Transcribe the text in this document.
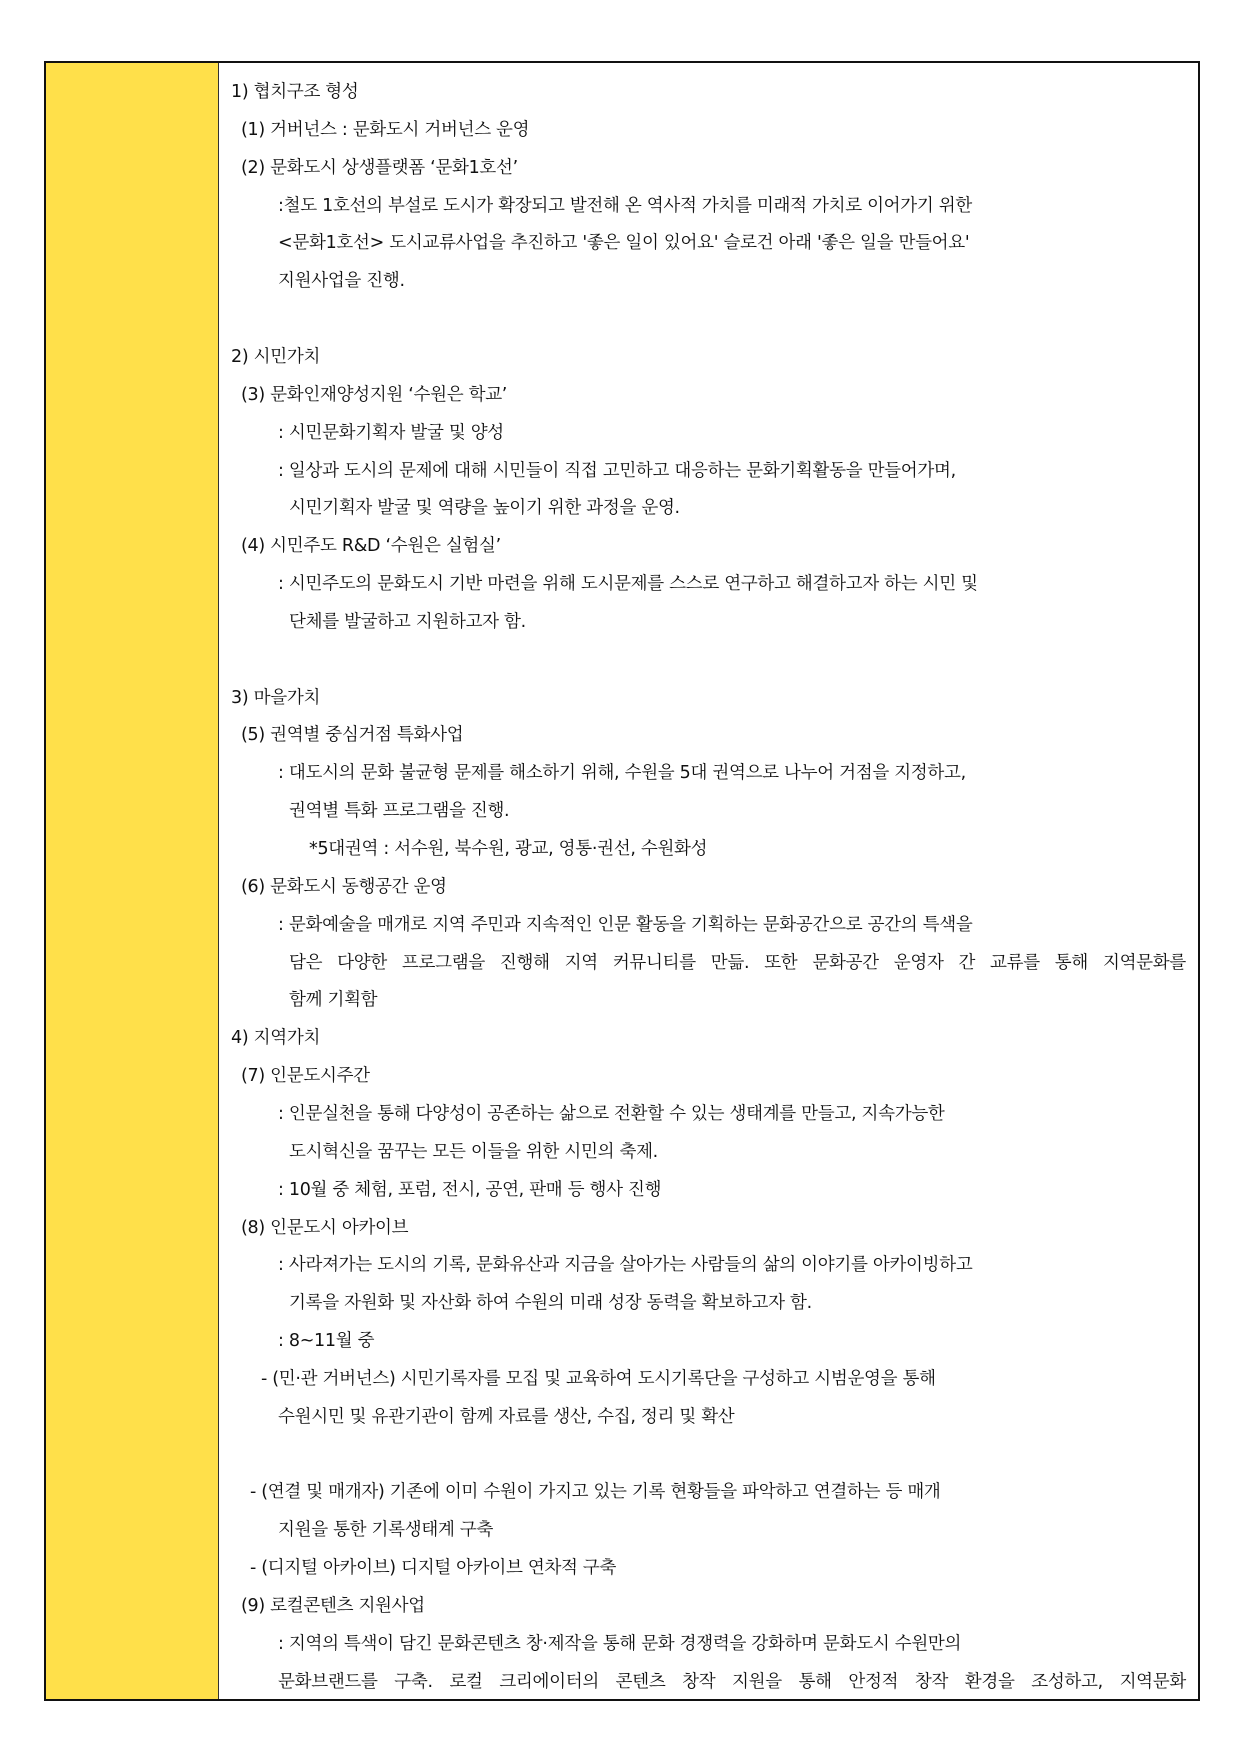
1) 협치구조 형성
(1) 거버넌스 : 문화도시 거버넌스 운영
(2) 문화도시 상생플랫폼 ‘문화1호선’
:철도 1호선의 부설로 도시가 확장되고 발전해 온 역사적 가치를 미래적 가치로 이어가기 위한
<문화1호선> 도시교류사업을 추진하고 '좋은 일이 있어요' 슬로건 아래 '좋은 일을 만들어요'
지원사업을 진행.
2) 시민가치
(3) 문화인재양성지원 ‘수원은 학교’
: 시민문화기획자 발굴 및 양성
: 일상과 도시의 문제에 대해 시민들이 직접 고민하고 대응하는 문화기획활동을 만들어가며,
시민기획자 발굴 및 역량을 높이기 위한 과정을 운영.
(4) 시민주도 R&D ‘수원은 실험실’
: 시민주도의 문화도시 기반 마련을 위해 도시문제를 스스로 연구하고 해결하고자 하는 시민 및
단체를 발굴하고 지원하고자 함.
3) 마을가치
(5) 권역별 중심거점 특화사업
: 대도시의 문화 불균형 문제를 해소하기 위해, 수원을 5대 권역으로 나누어 거점을 지정하고,
권역별 특화 프로그램을 진행.
*5대권역 : 서수원, 북수원, 광교, 영통·권선, 수원화성
(6) 문화도시 동행공간 운영
: 문화예술을 매개로 지역 주민과 지속적인 인문 활동을 기획하는 문화공간으로 공간의 특색을
담은 다양한 프로그램을 진행해 지역 커뮤니티를 만듦. 또한 문화공간 운영자 간 교류를 통해 지역문화를
함께 기획함
4) 지역가치
(7) 인문도시주간
: 인문실천을 통해 다양성이 공존하는 삶으로 전환할 수 있는 생태계를 만들고, 지속가능한
도시혁신을 꿈꾸는 모든 이들을 위한 시민의 축제.
: 10월 중 체험, 포럼, 전시, 공연, 판매 등 행사 진행
(8) 인문도시 아카이브
: 사라져가는 도시의 기록, 문화유산과 지금을 살아가는 사람들의 삶의 이야기를 아카이빙하고
기록을 자원화 및 자산화 하여 수원의 미래 성장 동력을 확보하고자 함.
: 8~11월 중
- (민·관 거버넌스) 시민기록자를 모집 및 교육하여 도시기록단을 구성하고 시범운영을 통해
수원시민 및 유관기관이 함께 자료를 생산, 수집, 정리 및 확산
- (연결 및 매개자) 기존에 이미 수원이 가지고 있는 기록 현황들을 파악하고 연결하는 등 매개
지원을 통한 기록생태계 구축
- (디지털 아카이브) 디지털 아카이브 연차적 구축
(9) 로컬콘텐츠 지원사업
: 지역의 특색이 담긴 문화콘텐츠 창·제작을 통해 문화 경쟁력을 강화하며 문화도시 수원만의
문화브랜드를 구축. 로컬 크리에이터의 콘텐츠 창작 지원을 통해 안정적 창작 환경을 조성하고, 지역문화
